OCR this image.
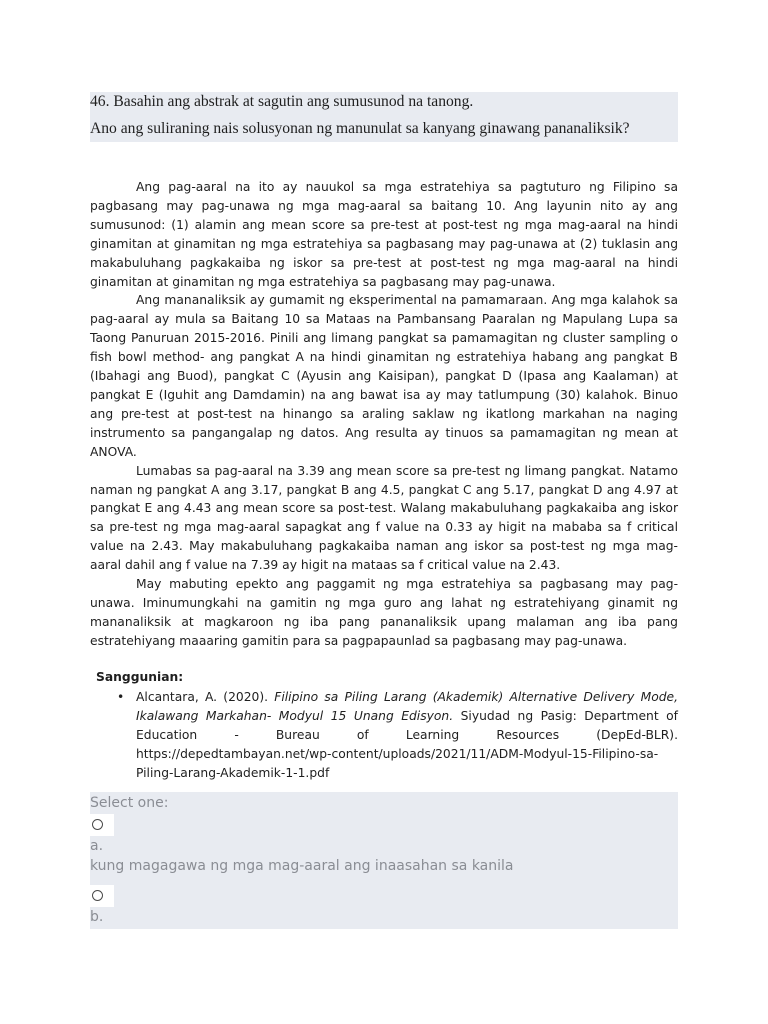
46. Basahin ang abstrak at sagutin ang sumusunod na tanong.
Ano ang suliraning nais solusyonan ng manunulat sa kanyang ginawang pananaliksik?

Ang pag-aaral na ito ay nauukol sa mga estratehiya sa pagtuturo ng Filipino sa pagbasang may pag-unawa ng mga mag-aaral sa baitang 10. Ang layunin nito ay ang sumusunod: (1) alamin ang mean score sa pre-test at post-test ng mga mag-aaral na hindi ginamitan at ginamitan ng mga estratehiya sa pagbasang may pag-unawa at (2) tuklasin ang makabuluhang pagkakaiba ng iskor sa pre-test at post-test ng mga mag-aaral na hindi ginamitan at ginamitan ng mga estratehiya sa pagbasang may pag-unawa.

Ang mananaliksik ay gumamit ng eksperimental na pamamaraan. Ang mga kalahok sa pag-aaral ay mula sa Baitang 10 sa Mataas na Pambansang Paaralan ng Mapulang Lupa sa Taong Panuruan 2015-2016. Pinili ang limang pangkat sa pamamagitan ng cluster sampling o fish bowl method- ang pangkat A na hindi ginamitan ng estratehiya habang ang pangkat B (Ibahagi ang Buod), pangkat C (Ayusin ang Kaisipan), pangkat D (Ipasa ang Kaalaman) at pangkat E (Iguhit ang Damdamin) na ang bawat isa ay may tatlumpung (30) kalahok. Binuo ang pre-test at post-test na hinango sa araling saklaw ng ikatlong markahan na naging instrumento sa pangangalap ng datos. Ang resulta ay tinuos sa pamamagitan ng mean at ANOVA.

Lumabas sa pag-aaral na 3.39 ang mean score sa pre-test ng limang pangkat. Natamo naman ng pangkat A ang 3.17, pangkat B ang 4.5, pangkat C ang 5.17, pangkat D ang 4.97 at pangkat E ang 4.43 ang mean score sa post-test. Walang makabuluhang pagkakaiba ang iskor sa pre-test ng mga mag-aaral sapagkat ang f value na 0.33 ay higit na mababa sa f critical value na 2.43. May makabuluhang pagkakaiba naman ang iskor sa post-test ng mga mag-aaral dahil ang f value na 7.39 ay higit na mataas sa f critical value na 2.43.

May mabuting epekto ang paggamit ng mga estratehiya sa pagbasang may pag-unawa. Iminumungkahi na gamitin ng mga guro ang lahat ng estratehiyang ginamit ng mananaliksik at magkaroon ng iba pang pananaliksik upang malaman ang iba pang estratehiyang maaaring gamitin para sa pagpapaunlad sa pagbasang may pag-unawa.

Sanggunian:
• Alcantara, A. (2020). Filipino sa Piling Larang (Akademik) Alternative Delivery Mode, Ikalawang Markahan- Modyul 15 Unang Edisyon. Siyudad ng Pasig: Department of Education - Bureau of Learning Resources (DepEd-BLR). https://depedtambayan.net/wp-content/uploads/2021/11/ADM-Modyul-15-Filipino-sa-Piling-Larang-Akademik-1-1.pdf
Select one:
a.
kung magagawa ng mga mag-aaral ang inaasahan sa kanila
b.
